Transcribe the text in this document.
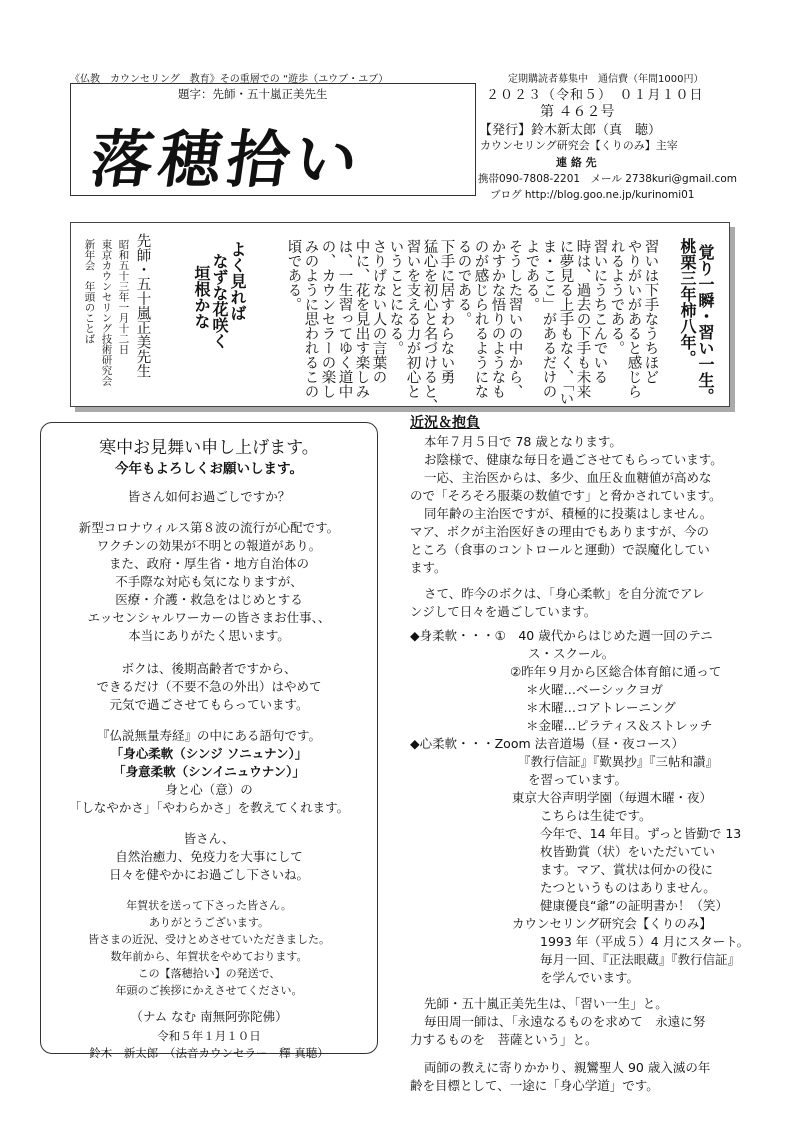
《仏教　カウンセリング　教育》その重層での “遊歩（ユウブ・ユブ）	定期購読者募集中　通信費（年間1000円）
題字：先師・五十嵐正美先生
落穂拾い
２０２３（令和５）　０１月１０日
第 ４６２号
【発行】鈴木新太郎（真　聴）
カウンセリング研究会【くりのみ】主宰
連 絡 先
携帯090-7808-2201　メール 2738kuri@gmail.com
ブログ http://blog.goo.ne.jp/kurinomi01
桃栗三年柿八年。 覚り一瞬・習い一生。
習いは下手なうちほど
やりがいがあると感じら
れるようである。
習いにうちこんでいる
時は、過去の下手も未来
に夢見る上手もなく、「い
ま・ここ」があるだけの
よである。
そうした習いの中から、
かすかな悟りのようなも
のが感じられるようにな
るのである。
下手に居すわらない勇
猛心を初心と名づけると、
習いを支える力が初心と
いうことになる。
さりげない人の言葉の
中に、花を見出す楽しみ
は、一生習ってゆく道中
の、カウンセラーの楽し
みのように思われるこの
頃である。
よく見れば
なずな花咲く
垣根かな
先師・五十嵐正美先生
昭和五十三年一月十二日
東京カウンセリング技術研究会
新年会　年頭のことば
寒中お見舞い申し上げます。
今年もよろしくお願いします。
皆さん如何お過ごしですか？
新型コロナウィルス第８波の流行が心配です。
ワクチンの効果が不明との報道があり。
また、政府・厚生省・地方自治体の
不手際な対応も気になりますが、
医療・介護・救急をはじめとする
エッセンシャルワーカーの皆さまお仕事、、
本当にありがたく思います。
ボクは、後期高齢者ですから、
できるだけ（不要不急の外出）はやめて
元気で過ごさせてもらっています。
『仏説無量寿経』の中にある語句です。
「身心柔軟（シンジ ソニュナン）」
「身意柔軟（シンイニュウナン）」
身と心（意）の
「しなやかさ」「やわらかさ」を教えてくれます。
皆さん、
自然治癒力、免疫力を大事にして
日々を健やかにお過ごし下さいね。
年賀状を送って下さった皆さん。
ありがとうございます。
皆さまの近況、受けとめさせていただきました。
数年前から、年賀状をやめております。
この【落穂拾い】の発送で、
年頭のご挨拶にかえさせてください。
（ナム なむ 南無阿弥陀佛）
令和５年１月１０日
鈴木　新太郎　（法音カウンセラー　釋 真聴）
近況＆抱負
本年７月５日で 78 歳となります。
お陰様で、健康な毎日を過ごさせてもらっています。
一応、主治医からは、多少、血圧＆血糖値が高めな
ので「そろそろ服薬の数値です」と脅かされています。
同年齢の主治医ですが、積極的に投薬はしません。
マア、ボクが主治医好きの理由でもありますが、今の
ところ（食事のコントロールと運動）で誤魔化してい
ます。
さて、昨今のボクは、「身心柔軟」を自分流でアレ
ンジして日々を過ごしています。
◆身柔軟・・・①　40 歳代からはじめた週一回のテニ
ス・スクール。
②昨年９月から区総合体育館に通って
＊火曜…ベーシックヨガ
＊木曜…コアトレーニング
＊金曜…ピラティス＆ストレッチ
◆心柔軟・・・Zoom 法音道場（昼・夜コース）
『教行信証』『歎異抄』『三帖和讃』
を習っています。
東京大谷声明学園（毎週木曜・夜）
こちらは生徒です。
今年で、14 年目。ずっと皆勤で 13
枚皆勤賞（状）をいただいてい
ます。マア、賞状は何かの役に
たつというものはありません。
健康優良“爺”の証明書か！（笑）
カウンセリング研究会【くりのみ】
1993 年（平成５）4 月にスタート。
毎月一回、『正法眼蔵』『教行信証』
を学んでいます。
先師・五十嵐正美先生は、「習い一生」と。
毎田周一師は、「永遠なるものを求めて　永遠に努
力するものを　菩薩という」と。
両師の教えに寄りかかり、親鸞聖人 90 歳入滅の年
齢を目標として、一途に「身心学道」です。
